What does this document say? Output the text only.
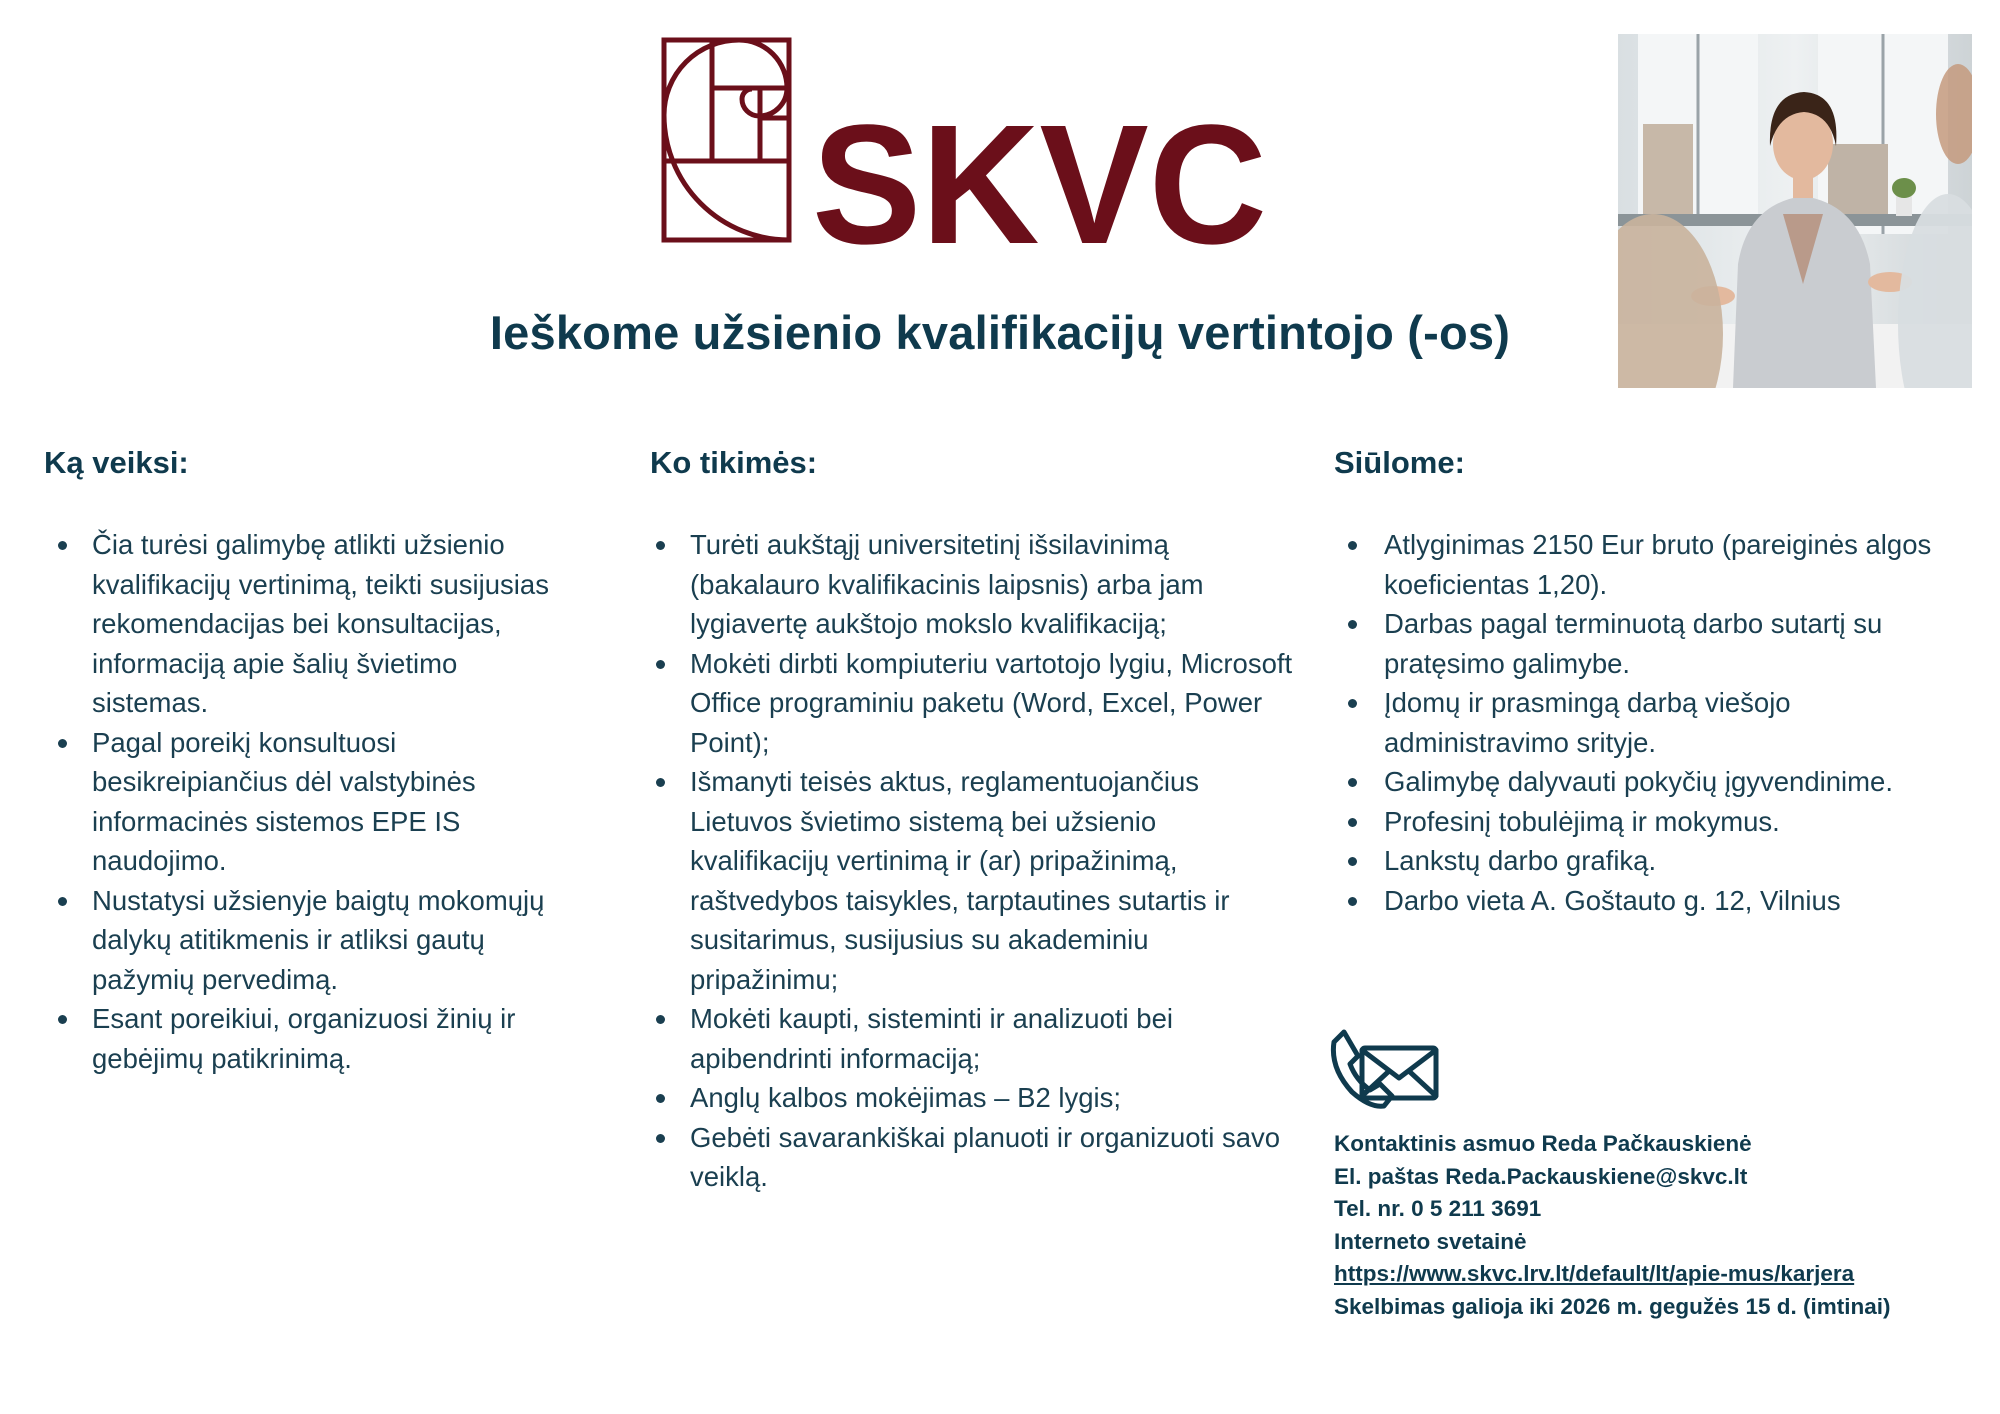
SKVC
Ieškome užsienio kvalifikacijų vertintojo (-os)
Ką veiksi:
Čia turėsi galimybę atlikti užsienio kvalifikacijų vertinimą, teikti susijusias rekomendacijas bei konsultacijas, informaciją apie šalių švietimo sistemas.
Pagal poreikį konsultuosi besikreipiančius dėl valstybinės informacinės sistemos EPE IS naudojimo.
Nustatysi užsienyje baigtų mokomųjų dalykų atitikmenis ir atliksi gautų pažymių pervedimą.
Esant poreikiui, organizuosi žinių ir gebėjimų patikrinimą.
Ko tikimės:
Turėti aukštąjį universitetinį išsilavinimą (bakalauro kvalifikacinis laipsnis) arba jam lygiavertę aukštojo mokslo kvalifikaciją;
Mokėti dirbti kompiuteriu vartotojo lygiu, Microsoft Office programiniu paketu (Word, Excel, Power Point);
Išmanyti teisės aktus, reglamentuojančius Lietuvos švietimo sistemą bei užsienio kvalifikacijų vertinimą ir (ar) pripažinimą, raštvedybos taisykles, tarptautines sutartis ir susitarimus, susijusius su akademiniu pripažinimu;
Mokėti kaupti, sisteminti ir analizuoti bei apibendrinti informaciją;
Anglų kalbos mokėjimas – B2 lygis;
Gebėti savarankiškai planuoti ir organizuoti savo veiklą.
Siūlome:
Atlyginimas 2150 Eur bruto (pareiginės algos koeficientas 1,20).
Darbas pagal terminuotą darbo sutartį su pratęsimo galimybe.
Įdomų ir prasmingą darbą viešojo administravimo srityje.
Galimybę dalyvauti pokyčių įgyvendinime.
Profesinį tobulėjimą ir mokymus.
Lankstų darbo grafiką.
Darbo vieta A. Goštauto g. 12, Vilnius
Kontaktinis asmuo Reda Pačkauskienė
El. paštas Reda.Packauskiene@skvc.lt
Tel. nr. 0 5 211 3691
Interneto svetainė
https://www.skvc.lrv.lt/default/lt/apie-mus/karjera
Skelbimas galioja iki 2026 m. gegužės 15 d. (imtinai)
